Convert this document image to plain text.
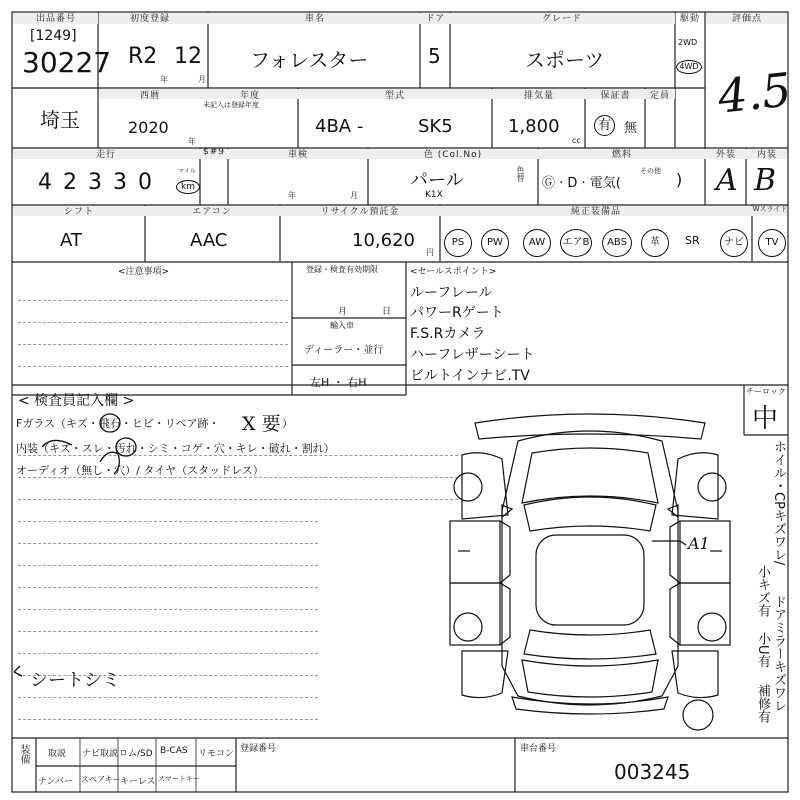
出品番号
[1249]
30227
初度登録
R2 12
年	月
車名
フォレスター
ドア
5
グレード
スポーツ
駆動
2WD
4WD
評価点
4.5
埼玉
西暦
2020
年
年度
未記入は登録年度
型式
4BA -	SK5
排気量
1,800
cc
保証書
有	無
定員
走行
4 2 3 3 0	マイル
km
$#9	車検
年	月
色 (Col.No)
パール
K1X
色替
燃料
Ⓖ · D · 電気(
その他 )
外装
A
内装
B
シフト
AT
エアコン
AAC
リサイクル預託金
10,620
円
純正装備品	Wスライド
PS	PW	AW	エアB	ABS	革	SR	ナビ	TV
<注意事項>	登録・検査有効期限
月	日
輸入車
ディーラー・並行
左H ・ 右H
<セールスポイント>
ルーフレール
パワーRゲート
F.S.Rカメラ
ハーフレザーシート
ビルトインナビ.TV
< 検査員記入欄 >
Fガラス（キズ・飛石・ヒビ・リペア跡・ X 要 ）
内装（キズ・スレ・汚れ・シミ・コゲ・穴・キレ・破れ・割れ）
オーディオ（無し・穴）/ タイヤ（スタッドレス）
シートシミ
チーロック
中
ホイル・CPキズワレ/
小キズ有
ドアミラーキズワレ
小U有
補修有
A1
装備 取説 ナビ取説 ロム/SD B-CAS リモコン
ナンバー スペアキー キーレス スマートキー
登録番号	車台番号
003245
